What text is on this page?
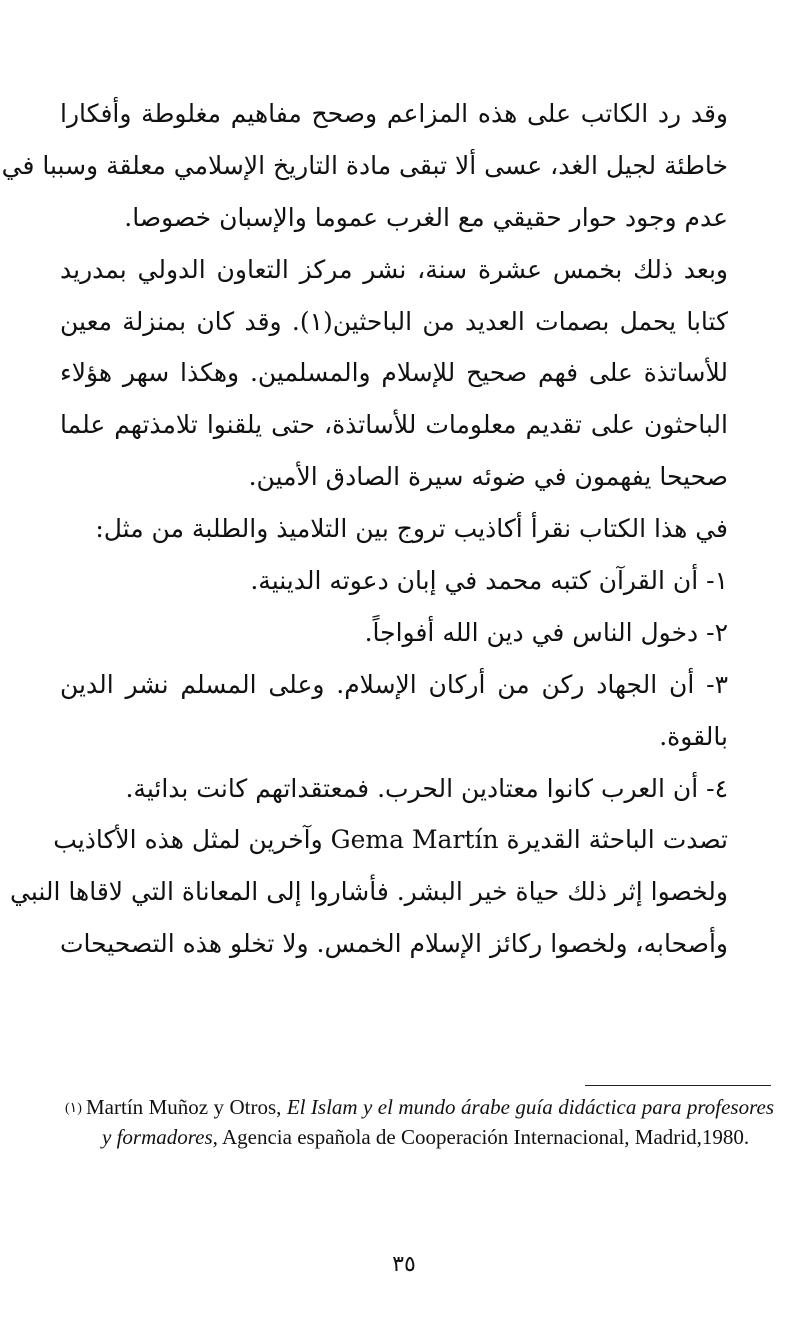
وقد رد الكاتب على هذه المزاعم وصحح مفاهيم مغلوطة وأفكارا
خاطئة لجيل الغد، عسى ألا تبقى مادة التاريخ الإسلامي معلقة وسببا في
عدم وجود حوار حقيقي مع الغرب عموما والإسبان خصوصا.
وبعد ذلك بخمس عشرة سنة، نشر مركز التعاون الدولي بمدريد
كتابا يحمل بصمات العديد من الباحثين(١). وقد كان بمنزلة معين
للأساتذة على فهم صحيح للإسلام والمسلمين. وهكذا سهر هؤلاء
الباحثون على تقديم معلومات للأساتذة، حتى يلقنوا تلامذتهم علما
صحيحا يفهمون في ضوئه سيرة الصادق الأمين.
في هذا الكتاب نقرأ أكاذيب تروج بين التلاميذ والطلبة من مثل:
١- أن القرآن كتبه محمد في إبان دعوته الدينية.
٢- دخول الناس في دين الله أفواجاً.
٣- أن الجهاد ركن من أركان الإسلام. وعلى المسلم نشر الدين
بالقوة.
٤- أن العرب كانوا معتادين الحرب. فمعتقداتهم كانت بدائية.
تصدت الباحثة القديرة Gema Martín وآخرين لمثل هذه الأكاذيب
ولخصوا إثر ذلك حياة خير البشر. فأشاروا إلى المعاناة التي لاقاها النبي
وأصحابه، ولخصوا ركائز الإسلام الخمس. ولا تخلو هذه التصحيحات
(١) Martín Muñoz y Otros, El Islam y el mundo árabe guía didáctica para profesores y formadores, Agencia española de Cooperación Internacional, Madrid,1980.
٣٥
